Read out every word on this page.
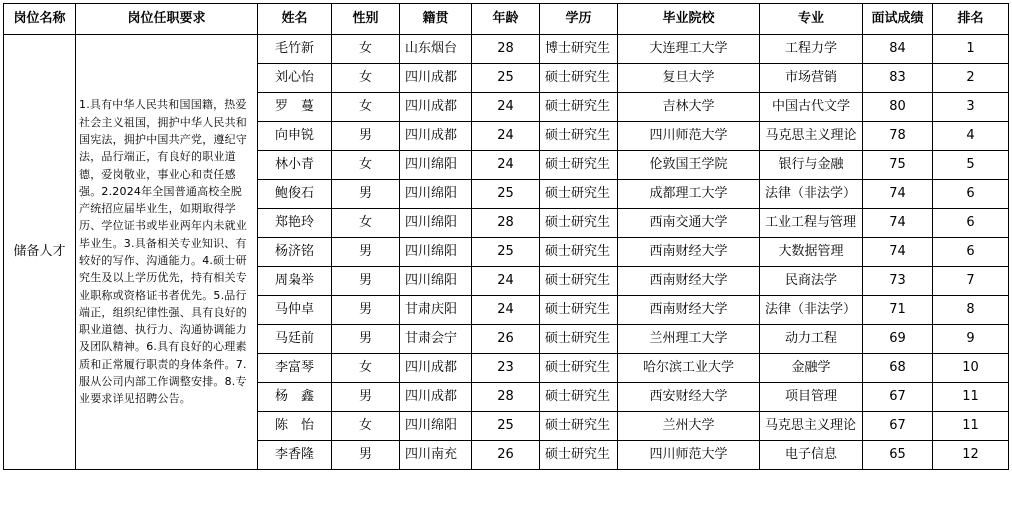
岗位名称	岗位任职要求	姓名	性别	籍贯	年龄	学历	毕业院校	专业	面试成绩	排名
储备人才	1.具有中华人民共和国国籍，热爱社会主义祖国，拥护中华人民共和国宪法，拥护中国共产党，遵纪守法，品行端正，有良好的职业道德，爱岗敬业，事业心和责任感强。2.2024年全国普通高校全脱产统招应届毕业生，如期取得学历、学位证书或毕业两年内未就业毕业生。3.具备相关专业知识、有较好的写作、沟通能力。4.硕士研究生及以上学历优先，持有相关专业职称或资格证书者优先。5.品行端正，组织纪律性强、具有良好的职业道德、执行力、沟通协调能力及团队精神。6.具有良好的心理素质和正常履行职责的身体条件。7.服从公司内部工作调整安排。8.专业要求详见招聘公告。	毛竹新	女	山东烟台	28	博士研究生	大连理工大学	工程力学	84	1
		刘心怡	女	四川成都	25	硕士研究生	复旦大学	市场营销	83	2
		罗　蔓	女	四川成都	24	硕士研究生	吉林大学	中国古代文学	80	3
		向申锐	男	四川成都	24	硕士研究生	四川师范大学	马克思主义理论	78	4
		林小青	女	四川绵阳	24	硕士研究生	伦敦国王学院	银行与金融	75	5
		鲍俊石	男	四川绵阳	25	硕士研究生	成都理工大学	法律（非法学）	74	6
		郑艳玲	女	四川绵阳	28	硕士研究生	西南交通大学	工业工程与管理	74	6
		杨济铭	男	四川绵阳	25	硕士研究生	西南财经大学	大数据管理	74	6
		周枭举	男	四川绵阳	24	硕士研究生	西南财经大学	民商法学	73	7
		马仲卓	男	甘肃庆阳	24	硕士研究生	西南财经大学	法律（非法学）	71	8
		马廷前	男	甘肃会宁	26	硕士研究生	兰州理工大学	动力工程	69	9
		李富琴	女	四川成都	23	硕士研究生	哈尔滨工业大学	金融学	68	10
		杨　鑫	男	四川成都	28	硕士研究生	西安财经大学	项目管理	67	11
		陈　怡	女	四川绵阳	25	硕士研究生	兰州大学	马克思主义理论	67	11
		李香隆	男	四川南充	26	硕士研究生	四川师范大学	电子信息	65	12
